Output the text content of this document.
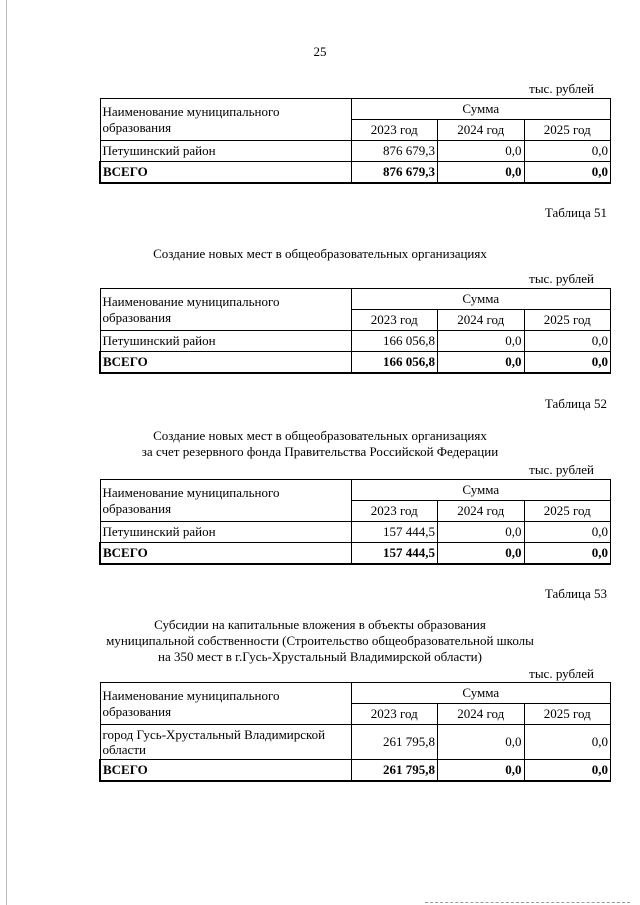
25
тыс. рублей
Наименование муниципального образования	Сумма		
	2023 год	2024 год	2025 год
Петушинский район	876 679,3	0,0	0,0
ВСЕГО	876 679,3	0,0	0,0
Таблица 51
Создание новых мест в общеобразовательных организациях
тыс. рублей
Наименование муниципального образования	Сумма		
	2023 год	2024 год	2025 год
Петушинский район	166 056,8	0,0	0,0
ВСЕГО	166 056,8	0,0	0,0
Таблица 52
Создание новых мест в общеобразовательных организациях
за счет резервного фонда Правительства Российской Федерации
тыс. рублей
Наименование муниципального образования	Сумма		
	2023 год	2024 год	2025 год
Петушинский район	157 444,5	0,0	0,0
ВСЕГО	157 444,5	0,0	0,0
Таблица 53
Субсидии на капитальные вложения в объекты образования
муниципальной собственности (Строительство общеобразовательной школы
на 350 мест в г.Гусь-Хрустальный Владимирской области)
тыс. рублей
Наименование муниципального образования	Сумма		
	2023 год	2024 год	2025 год
город Гусь-Хрустальный Владимирской области	261 795,8	0,0	0,0
ВСЕГО	261 795,8	0,0	0,0
